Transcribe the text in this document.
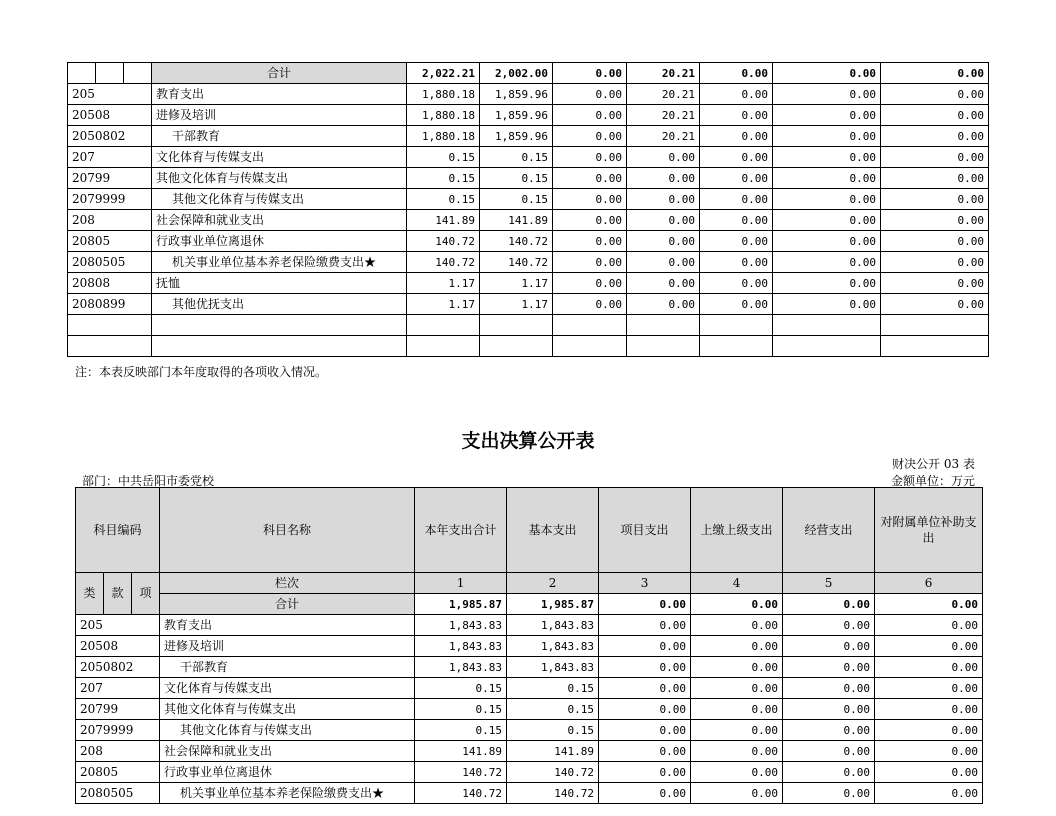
			合计	2,022.21	2,002.00	0.00	20.21	0.00	0.00	0.00
205			教育支出	1,880.18	1,859.96	0.00	20.21	0.00	0.00	0.00
20508			进修及培训	1,880.18	1,859.96	0.00	20.21	0.00	0.00	0.00
2050802			干部教育	1,880.18	1,859.96	0.00	20.21	0.00	0.00	0.00
207			文化体育与传媒支出	0.15	0.15	0.00	0.00	0.00	0.00	0.00
20799			其他文化体育与传媒支出	0.15	0.15	0.00	0.00	0.00	0.00	0.00
2079999			其他文化体育与传媒支出	0.15	0.15	0.00	0.00	0.00	0.00	0.00
208			社会保障和就业支出	141.89	141.89	0.00	0.00	0.00	0.00	0.00
20805			行政事业单位离退休	140.72	140.72	0.00	0.00	0.00	0.00	0.00
2080505			机关事业单位基本养老保险缴费支出★	140.72	140.72	0.00	0.00	0.00	0.00	0.00
20808			抚恤	1.17	1.17	0.00	0.00	0.00	0.00	0.00
2080899			其他优抚支出	1.17	1.17	0.00	0.00	0.00	0.00	0.00

注：本表反映部门本年度取得的各项收入情况。
支出决算公开表
财决公开 03 表
部门：中共岳阳市委党校	金额单位：万元
科目编码			科目名称	本年支出合计	基本支出	项目支出	上缴上级支出	经营支出	对附属单位补助支出
类	款	项	栏次	1	2	3	4	5	6
			合计	1,985.87	1,985.87	0.00	0.00	0.00	0.00
205			教育支出	1,843.83	1,843.83	0.00	0.00	0.00	0.00
20508			进修及培训	1,843.83	1,843.83	0.00	0.00	0.00	0.00
2050802			干部教育	1,843.83	1,843.83	0.00	0.00	0.00	0.00
207			文化体育与传媒支出	0.15	0.15	0.00	0.00	0.00	0.00
20799			其他文化体育与传媒支出	0.15	0.15	0.00	0.00	0.00	0.00
2079999			其他文化体育与传媒支出	0.15	0.15	0.00	0.00	0.00	0.00
208			社会保障和就业支出	141.89	141.89	0.00	0.00	0.00	0.00
20805			行政事业单位离退休	140.72	140.72	0.00	0.00	0.00	0.00
2080505			机关事业单位基本养老保险缴费支出★	140.72	140.72	0.00	0.00	0.00	0.00
